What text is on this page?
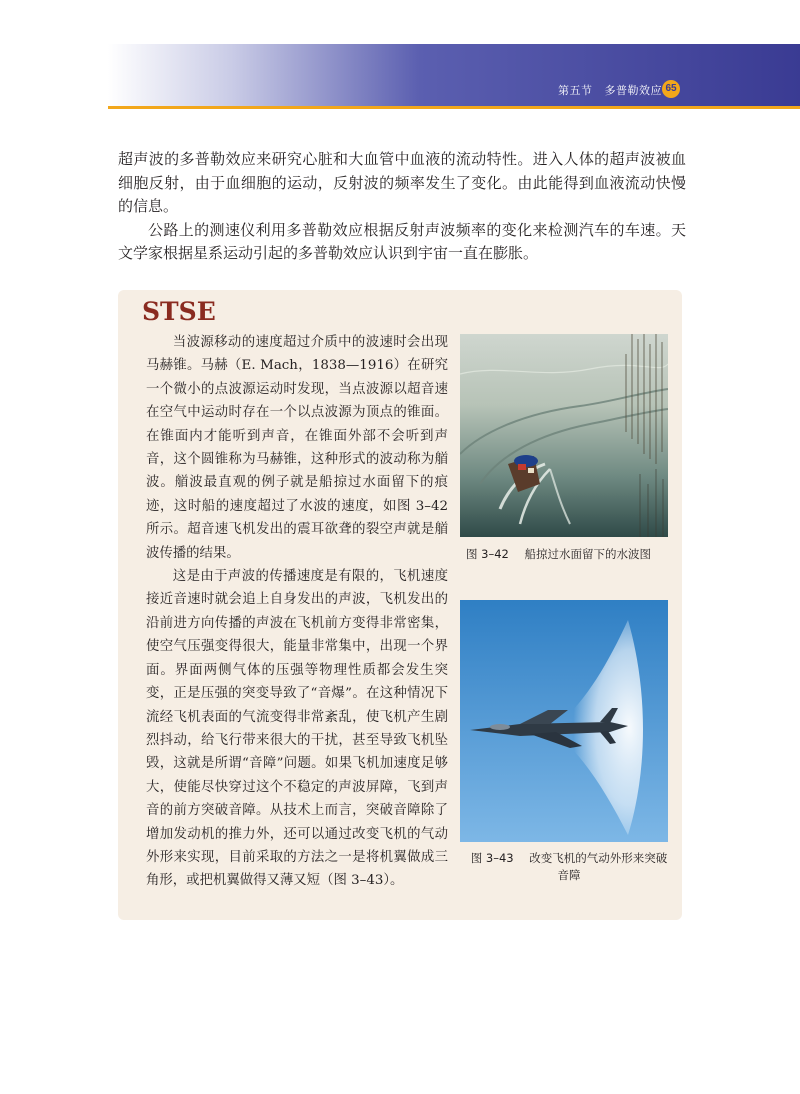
第五节 多普勒效应 65

超声波的多普勒效应来研究心脏和大血管中血液的流动特性。进入人体的超声波被血细胞反射，由于血细胞的运动，反射波的频率发生了变化。由此能得到血液流动快慢的信息。

公路上的测速仪利用多普勒效应根据反射声波频率的变化来检测汽车的车速。天文学家根据星系运动引起的多普勒效应认识到宇宙一直在膨胀。

STSE

当波源移动的速度超过介质中的波速时会出现马赫锥。马赫（E. Mach，1838—1916）在研究一个微小的点波源运动时发现，当点波源以超音速在空气中运动时存在一个以点波源为顶点的锥面。在锥面内才能听到声音，在锥面外部不会听到声音，这个圆锥称为马赫锥，这种形式的波动称为艏波。艏波最直观的例子就是船掠过水面留下的痕迹，这时船的速度超过了水波的速度，如图 3–42 所示。超音速飞机发出的震耳欲聋的裂空声就是艏波传播的结果。

这是由于声波的传播速度是有限的，飞机速度接近音速时就会追上自身发出的声波，飞机发出的沿前进方向传播的声波在飞机前方变得非常密集，使空气压强变得很大，能量非常集中，出现一个界面。界面两侧气体的压强等物理性质都会发生突变，正是压强的突变导致了“音爆”。在这种情况下流经飞机表面的气流变得非常紊乱，使飞机产生剧烈抖动，给飞行带来很大的干扰，甚至导致飞机坠毁，这就是所谓“音障”问题。如果飞机加速度足够大，使能尽快穿过这个不稳定的声波屏障，飞到声音的前方突破音障。从技术上而言，突破音障除了增加发动机的推力外，还可以通过改变飞机的气动外形来实现，目前采取的方法之一是将机翼做成三角形，或把机翼做得又薄又短（图 3–43）。

图 3–42 船掠过水面留下的水波图
图 3–43 改变飞机的气动外形来突破音障
